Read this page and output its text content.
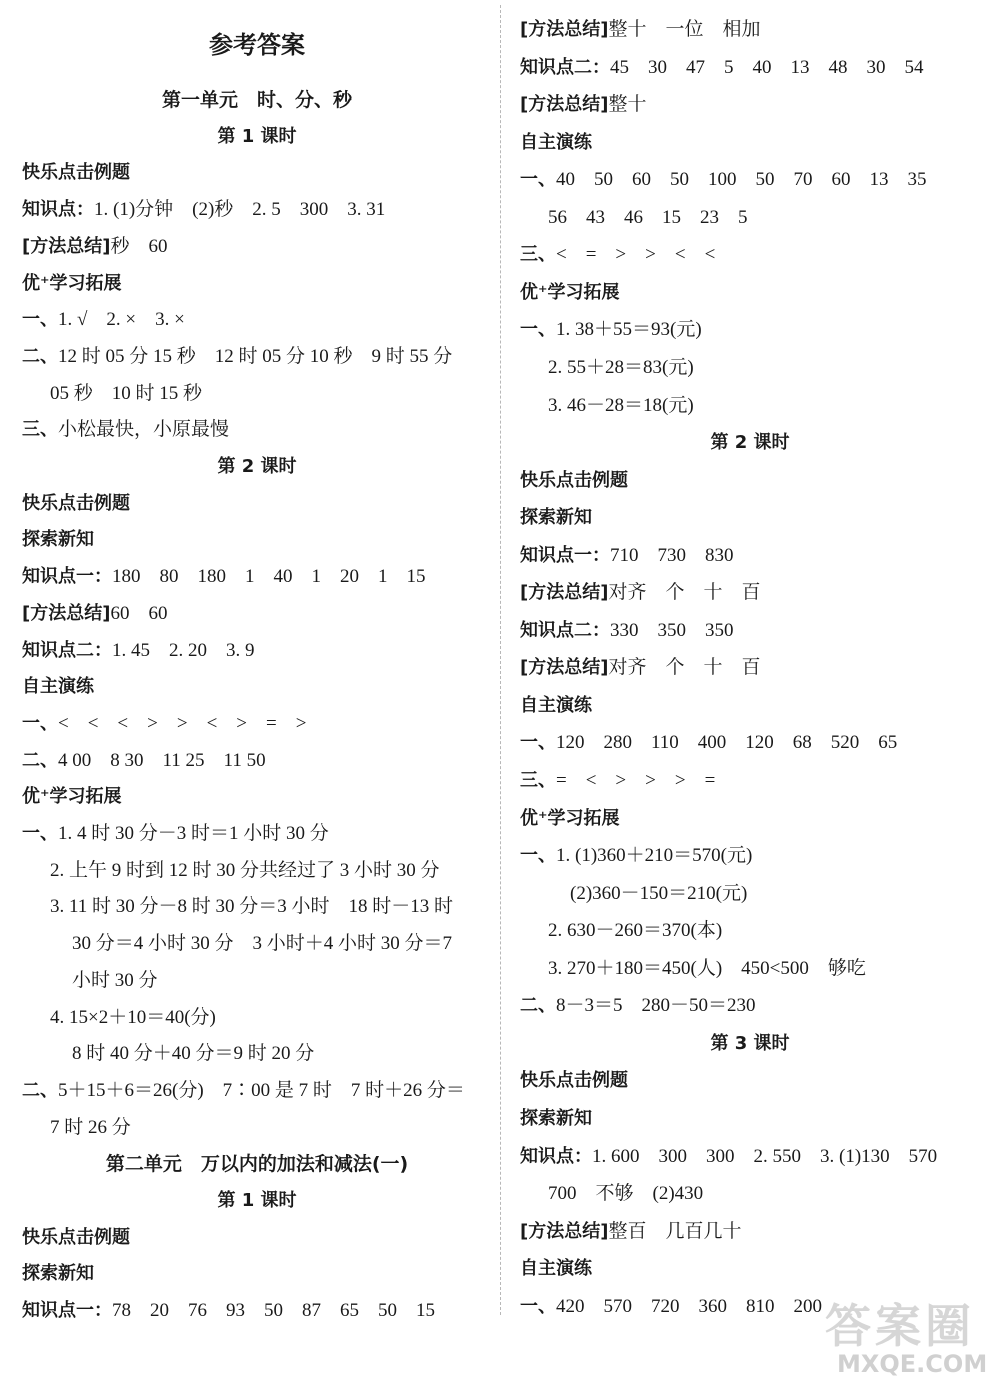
参考答案
第一单元　时、分、秒
第 1 课时
快乐点击例题
知识点：1. (1)分钟　(2)秒　2. 5　300　3. 31
[方法总结]秒　60
优⁺学习拓展
一、1. √　2. ×　3. ×
二、12 时 05 分 15 秒　12 时 05 分 10 秒　9 时 55 分
05 秒　10 时 15 秒
三、小松最快，小原最慢
第 2 课时
快乐点击例题
探索新知
知识点一：180　80　180　1　40　1　20　1　15
[方法总结]60　60
知识点二：1. 45　2. 20　3. 9
自主演练
一、<　<　<　>　>　<　>　=　>
二、4 00　8 30　11 25　11 50
优⁺学习拓展
一、1. 4 时 30 分－3 时＝1 小时 30 分
2. 上午 9 时到 12 时 30 分共经过了 3 小时 30 分
3. 11 时 30 分－8 时 30 分＝3 小时　18 时－13 时
30 分＝4 小时 30 分　3 小时＋4 小时 30 分＝7
小时 30 分
4. 15×2＋10＝40(分)
8 时 40 分＋40 分＝9 时 20 分
二、5＋15＋6＝26(分)　7∶00 是 7 时　7 时＋26 分＝
7 时 26 分
第二单元　万以内的加法和减法(一)
第 1 课时
快乐点击例题
探索新知
知识点一：78　20　76　93　50　87　65　50　15
[方法总结]整十　一位　相加
知识点二：45　30　47　5　40　13　48　30　54
[方法总结]整十
自主演练
一、40　50　60　50　100　50　70　60　13　35
56　43　46　15　23　5
三、<　=　>　>　<　<
优⁺学习拓展
一、1. 38＋55＝93(元)
2. 55＋28＝83(元)
3. 46－28＝18(元)
第 2 课时
快乐点击例题
探索新知
知识点一：710　730　830
[方法总结]对齐　个　十　百
知识点二：330　350　350
[方法总结]对齐　个　十　百
自主演练
一、120　280　110　400　120　68　520　65
三、=　<　>　>　>　=
优⁺学习拓展
一、1. (1)360＋210＝570(元)
(2)360－150＝210(元)
2. 630－260＝370(本)
3. 270＋180＝450(人)　450<500　够吃
二、8－3＝5　280－50＝230
第 3 课时
快乐点击例题
探索新知
知识点：1. 600　300　300　2. 550　3. (1)130　570
700　不够　(2)430
[方法总结]整百　几百几十
自主演练
一、420　570　720　360　810　200 答案圈
MXQE.COM
